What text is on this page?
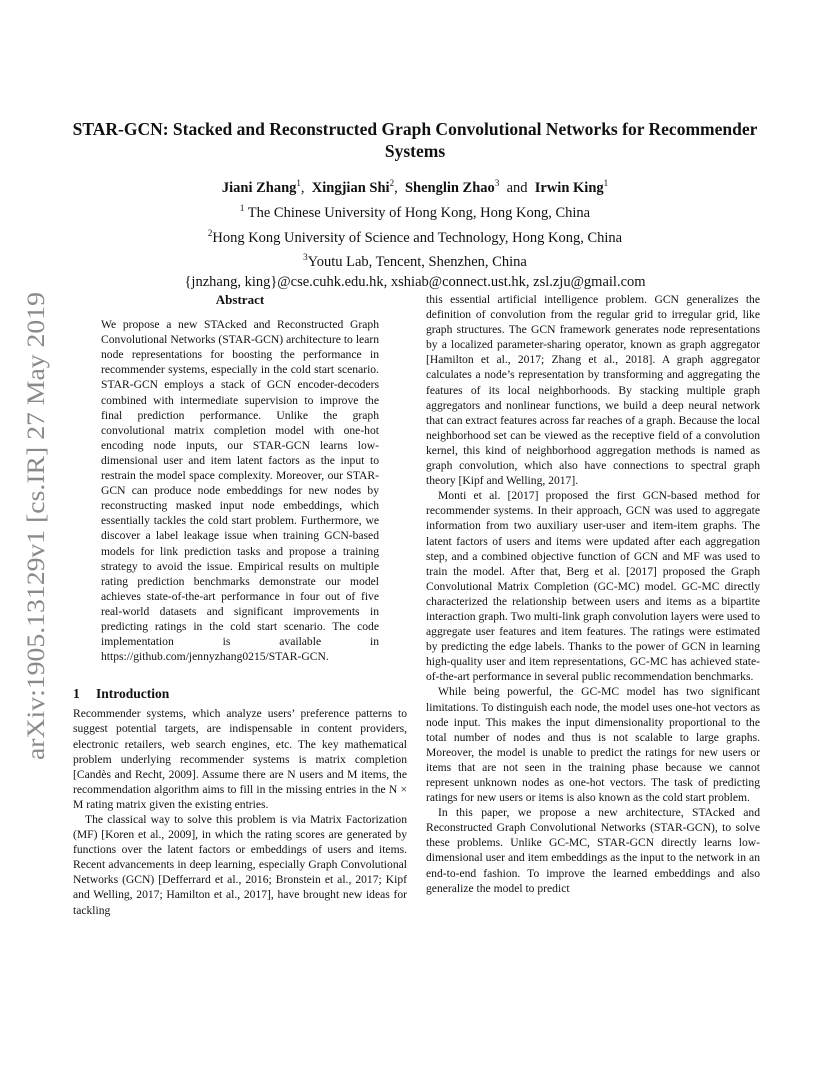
arXiv:1905.13129v1 [cs.IR] 27 May 2019
STAR-GCN: Stacked and Reconstructed Graph Convolutional Networks for Recommender Systems
Jiani Zhang$^1$, Xingjian Shi$^2$, Shenglin Zhao$^3$ and Irwin King$^1$
$^1$ The Chinese University of Hong Kong, Hong Kong, China
$^2$Hong Kong University of Science and Technology, Hong Kong, China
$^3$Youtu Lab, Tencent, Shenzhen, China
{jnzhang, king}@cse.cuhk.edu.hk, xshiab@connect.ust.hk, zsl.zju@gmail.com
Abstract

We propose a new STAcked and Reconstructed Graph Convolutional Networks (STAR-GCN) architecture to learn node representations for boosting the performance in recommender systems, especially in the cold start scenario. STAR-GCN employs a stack of GCN encoder-decoders combined with intermediate supervision to improve the final prediction performance. Unlike the graph convolutional matrix completion model with one-hot encoding node inputs, our STAR-GCN learns low-dimensional user and item latent factors as the input to restrain the model space complexity. Moreover, our STAR-GCN can produce node embeddings for new nodes by reconstructing masked input node embeddings, which essentially tackles the cold start problem. Furthermore, we discover a label leakage issue when training GCN-based models for link prediction tasks and propose a training strategy to avoid the issue. Empirical results on multiple rating prediction benchmarks demonstrate our model achieves state-of-the-art performance in four out of five real-world datasets and significant improvements in predicting ratings in the cold start scenario. The code implementation is available in https://github.com/jennyzhang0215/STAR-GCN.

1 Introduction

Recommender systems, which analyze users’ preference patterns to suggest potential targets, are indispensable in content providers, electronic retailers, web search engines, etc. The key mathematical problem underlying recommender systems is matrix completion [Candès and Recht, 2009]. Assume there are N users and M items, the recommendation algorithm aims to fill in the missing entries in the N × M rating matrix given the existing entries.

The classical way to solve this problem is via Matrix Factorization (MF) [Koren et al., 2009], in which the rating scores are generated by functions over the latent factors or embeddings of users and items. Recent advancements in deep learning, especially Graph Convolutional Networks (GCN) [Defferrard et al., 2016; Bronstein et al., 2017; Kipf and Welling, 2017; Hamilton et al., 2017], have brought new ideas for tackling

this essential artificial intelligence problem. GCN generalizes the definition of convolution from the regular grid to irregular grid, like graph structures. The GCN framework generates node representations by a localized parameter-sharing operator, known as graph aggregator [Hamilton et al., 2017; Zhang et al., 2018]. A graph aggregator calculates a node’s representation by transforming and aggregating the features of its local neighborhoods. By stacking multiple graph aggregators and nonlinear functions, we build a deep neural network that can extract features across far reaches of a graph. Because the local neighborhood set can be viewed as the receptive field of a convolution kernel, this kind of neighborhood aggregation methods is named as graph convolution, which also have connections to spectral graph theory [Kipf and Welling, 2017].

Monti et al. [2017] proposed the first GCN-based method for recommender systems. In their approach, GCN was used to aggregate information from two auxiliary user-user and item-item graphs. The latent factors of users and items were updated after each aggregation step, and a combined objective function of GCN and MF was used to train the model. After that, Berg et al. [2017] proposed the Graph Convolutional Matrix Completion (GC-MC) model. GC-MC directly characterized the relationship between users and items as a bipartite interaction graph. Two multi-link graph convolution layers were used to aggregate user features and item features. The ratings were estimated by predicting the edge labels. Thanks to the power of GCN in learning high-quality user and item representations, GC-MC has achieved state-of-the-art performance in several public recommendation benchmarks.

While being powerful, the GC-MC model has two significant limitations. To distinguish each node, the model uses one-hot vectors as node input. This makes the input dimensionality proportional to the total number of nodes and thus is not scalable to large graphs. Moreover, the model is unable to predict the ratings for new users or items that are not seen in the training phase because we cannot represent unknown nodes as one-hot vectors. The task of predicting ratings for new users or items is also known as the cold start problem.

In this paper, we propose a new architecture, STAcked and Reconstructed Graph Convolutional Networks (STAR-GCN), to solve these problems. Unlike GC-MC, STAR-GCN directly learns low-dimensional user and item embeddings as the input to the network in an end-to-end fashion. To improve the learned embeddings and also generalize the model to predict
